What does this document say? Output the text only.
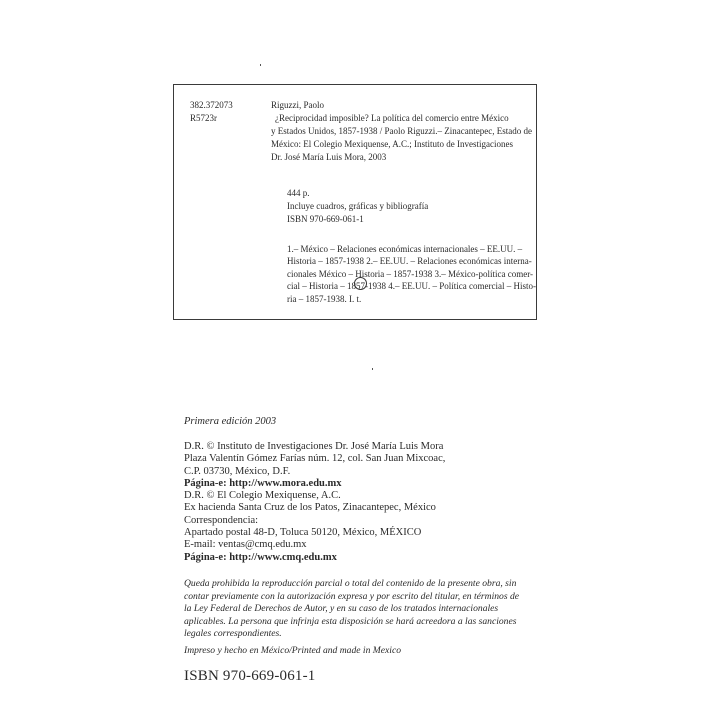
382.372073
R5723r
Riguzzi, Paolo
¿Reciprocidad imposible? La política del comercio entre México
y Estados Unidos, 1857-1938 / Paolo Riguzzi.– Zinacantepec, Estado de
México: El Colegio Mexiquense, A.C.; Instituto de Investigaciones
Dr. José María Luis Mora, 2003
444 p.
Incluye cuadros, gráficas y bibliografía
ISBN 970-669-061-1
1.– México – Relaciones económicas internacionales – EE.UU. –
Historia – 1857-1938 2.– EE.UU. – Relaciones económicas interna-
cionales México – Historia – 1857-1938 3.– México-política comer-
cial – Historia – 1857-1938 4.– EE.UU. – Política comercial – Histo-
ria – 1857-1938. I. t.
Primera edición 2003
D.R. © Instituto de Investigaciones Dr. José María Luis Mora
Plaza Valentín Gómez Farías núm. 12, col. San Juan Mixcoac,
C.P. 03730, México, D.F.
Página-e: http://www.mora.edu.mx
D.R. © El Colegio Mexiquense, A.C.
Ex hacienda Santa Cruz de los Patos, Zinacantepec, México
Correspondencia:
Apartado postal 48-D, Toluca 50120, México, MÉXICO
E-mail: ventas@cmq.edu.mx
Página-e: http://www.cmq.edu.mx
Queda prohibida la reproducción parcial o total del contenido de la presente obra, sin
contar previamente con la autorización expresa y por escrito del titular, en términos de
la Ley Federal de Derechos de Autor, y en su caso de los tratados internacionales
aplicables. La persona que infrinja esta disposición se hará acreedora a las sanciones
legales correspondientes.
Impreso y hecho en México/Printed and made in Mexico
ISBN 970-669-061-1
